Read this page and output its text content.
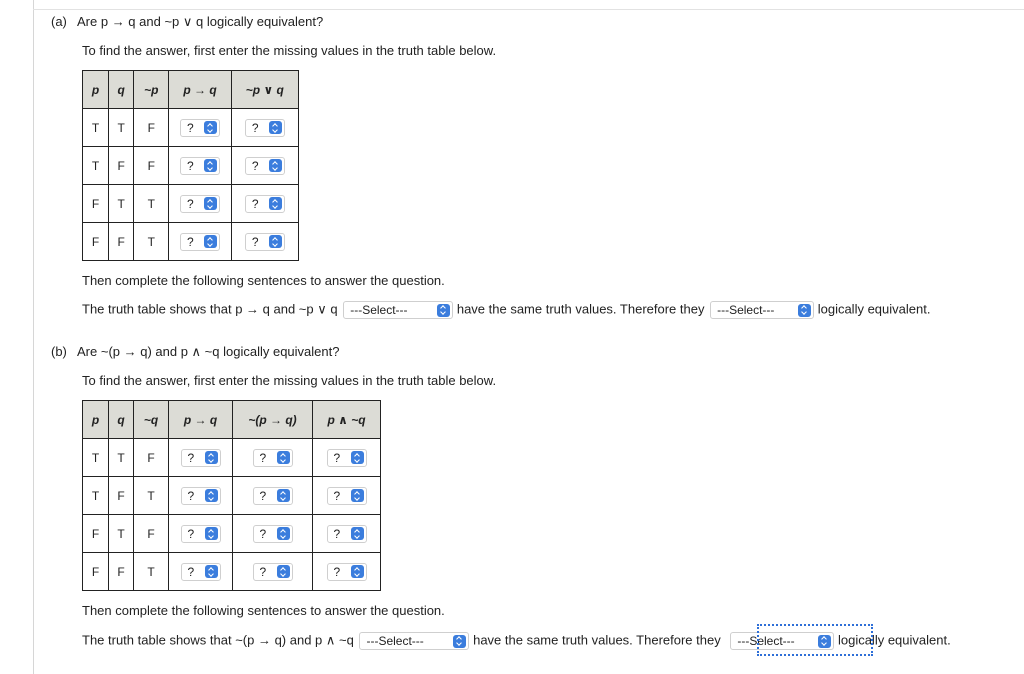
(a) Are p → q and ~p ∨ q logically equivalent?
To find the answer, first enter the missing values in the truth table below.
p	q	~p	p → q	~p ∨ q
T	T	F	?	?

T	F	F	?	?

F	T	T	?	?

F	F	T	?	?
Then complete the following sentences to answer the question.
The truth table shows that p → q and ~p ∨ q ---Select---	have the same truth values. Therefore they ---Select---	logically equivalent.
(b) Are ~(p → q) and p ∧ ~q logically equivalent?
To find the answer, first enter the missing values in the truth table below.
p	q	~q	p → q	~(p → q)	p ∧ ~q
T	T	F	?	?	?

T	F	T	?	?	?

F	T	F	?	?	?

F	F	T	?	?	?
Then complete the following sentences to answer the question.
The truth table shows that ~(p → q) and p ∧ ~q ---Select---	have the same truth values. Therefore they ---Select---	logically equivalent.
